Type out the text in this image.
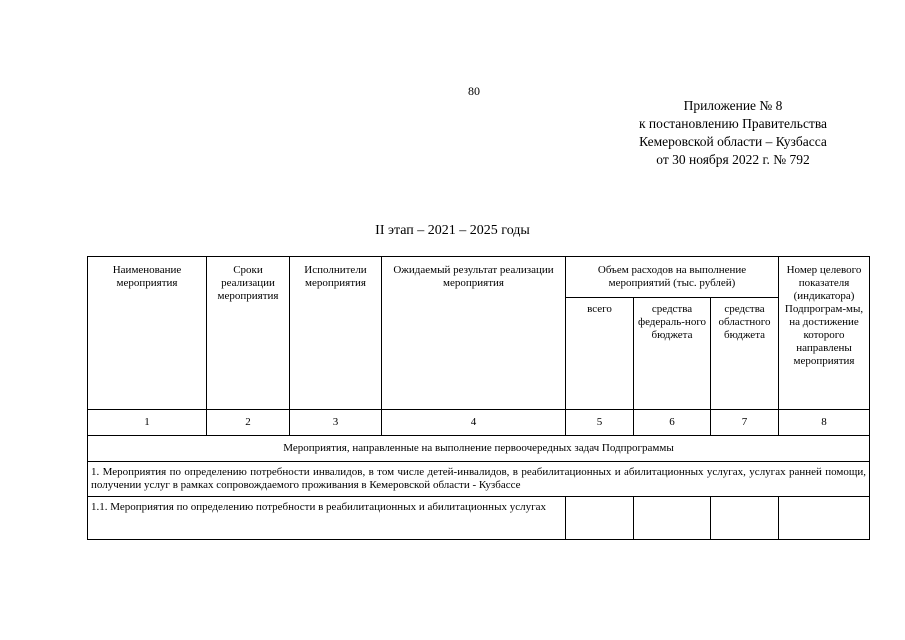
80
Приложение № 8
к постановлению Правительства
Кемеровской области – Кузбасса
от 30 ноября 2022 г. № 792
II этап – 2021 – 2025 годы
Наименование мероприятия	Сроки реализации мероприятия	Исполнители мероприятия	Ожидаемый результат реализации мероприятия	Объем расходов на выполнение мероприятий (тыс. рублей)			Номер целевого показателя (индикатора) Подпрограм-мы, на достижение которого направлены мероприятия
				всего	средства федераль-ного бюджета	средства областного бюджета	
1	2	3	4	5	6	7	8
Мероприятия, направленные на выполнение первоочередных задач Подпрограммы							
1. Мероприятия по определению потребности инвалидов, в том числе детей-инвалидов, в реабилитационных и абилитационных услугах, услугах ранней помощи, получении услуг в рамках сопровождаемого проживания в Кемеровской области - Кузбассе							
1.1. Мероприятия по определению потребности в реабилитационных и абилитационных услугах							
